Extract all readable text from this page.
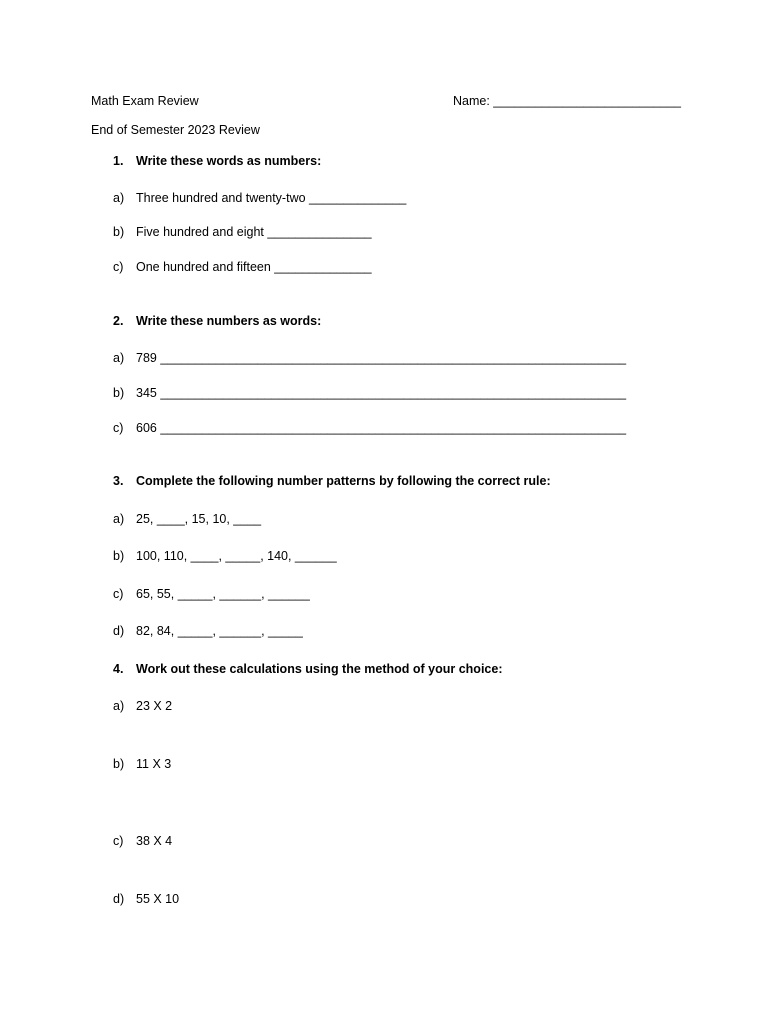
Math Exam Review	Name: ___________________________
End of Semester 2023 Review
1. Write these words as numbers:
a) Three hundred and twenty-two ______________
b) Five hundred and eight _______________
c) One hundred and fifteen ______________
2. Write these numbers as words:
a) 789 ___________________________________________________________________
b) 345 ___________________________________________________________________
c) 606 ___________________________________________________________________
3. Complete the following number patterns by following the correct rule:
a) 25, ____, 15, 10, ____
b) 100, 110, ____, _____, 140, ______
c) 65, 55, _____, ______, ______
d) 82, 84, _____, ______, _____
4. Work out these calculations using the method of your choice:
a) 23 X 2
b) 11 X 3
c) 38 X 4
d) 55 X 10
